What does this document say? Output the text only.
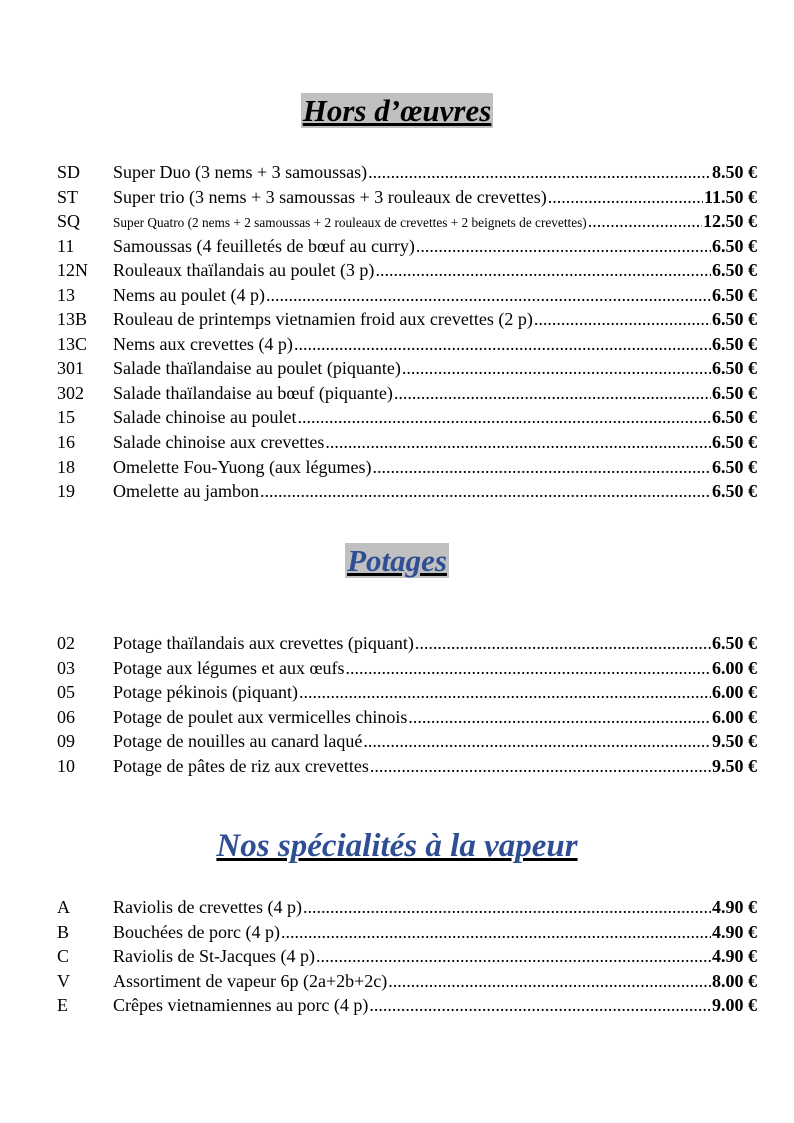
Hors d’œuvres
SD	Super Duo (3 nems + 3 samoussas) .....	8.50 €
ST	Super trio (3 nems + 3 samoussas + 3 rouleaux de crevettes) .....	11.50 €
SQ	Super Quatro (2 nems + 2 samoussas + 2 rouleaux de crevettes + 2 beignets de crevettes) .....	12.50 €
11	Samoussas (4 feuilletés de bœuf au curry) .....	6.50 €
12N	Rouleaux thaïlandais au poulet (3 p) .....	6.50 €
13	Nems au poulet (4 p) .....	6.50 €
13B	Rouleau de printemps vietnamien froid aux crevettes (2 p) .....	6.50 €
13C	Nems aux crevettes (4 p) .....	6.50 €
301	Salade thaïlandaise au poulet (piquante) .....	6.50 €
302	Salade thaïlandaise au bœuf (piquante) .....	6.50 €
15	Salade chinoise au poulet .....	6.50 €
16	Salade chinoise aux crevettes .....	6.50 €
18	Omelette Fou-Yuong (aux légumes) .....	6.50 €
19	Omelette au jambon .....	6.50 €
Potages
02	Potage thaïlandais aux crevettes (piquant) .....	6.50 €
03	Potage aux légumes et aux œufs .....	6.00 €
05	Potage pékinois (piquant) .....	6.00 €
06	Potage de poulet aux vermicelles chinois .....	6.00 €
09	Potage de nouilles au canard laqué .....	9.50 €
10	Potage de pâtes de riz aux crevettes .....	9.50 €
Nos spécialités à la vapeur
A	Raviolis de crevettes (4 p) .....	4.90 €
B	Bouchées de porc (4 p) .....	4.90 €
C	Raviolis de St-Jacques (4 p) .....	4.90 €
V	Assortiment de vapeur 6p (2a+2b+2c) .....	8.00 €
E	Crêpes vietnamiennes au porc (4 p) .....	9.00 €
